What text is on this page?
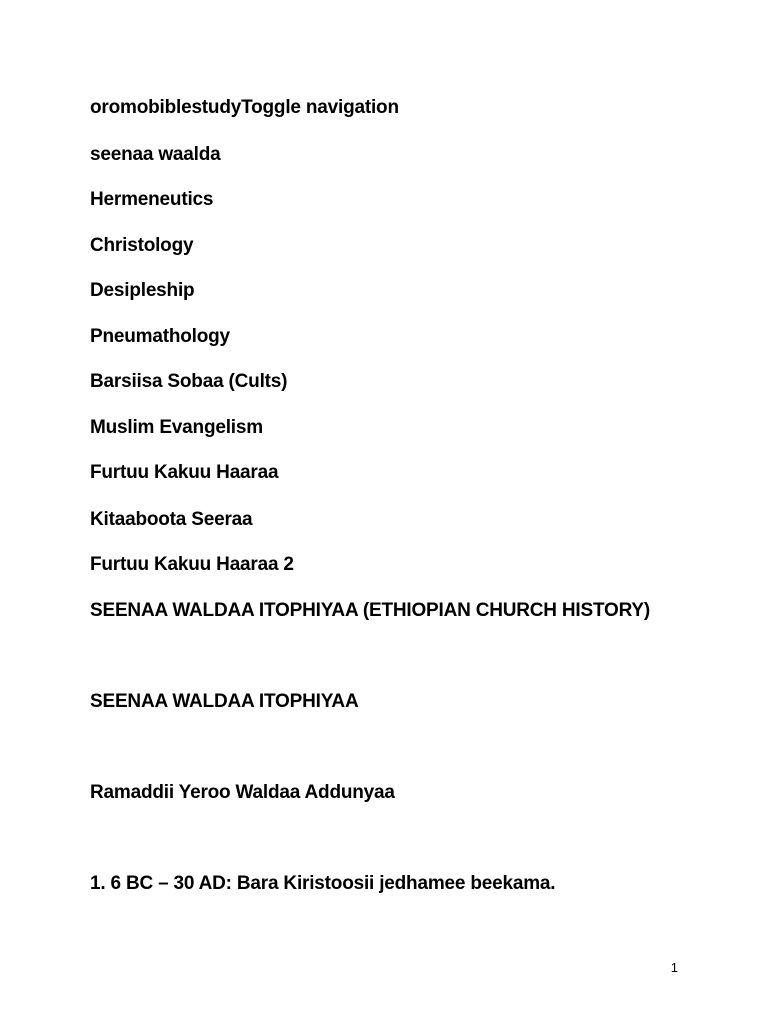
oromobiblestudyToggle navigation
seenaa waalda
Hermeneutics
Christology
Desipleship
Pneumathology
Barsiisa Sobaa (Cults)
Muslim Evangelism
Furtuu Kakuu Haaraa
Kitaaboota Seeraa
Furtuu Kakuu Haaraa 2
SEENAA WALDAA ITOPHIYAA (ETHIOPIAN CHURCH HISTORY)
SEENAA WALDAA ITOPHIYAA
Ramaddii Yeroo Waldaa Addunyaa
1. 6 BC – 30 AD: Bara Kiristoosii jedhamee beekama.
1
